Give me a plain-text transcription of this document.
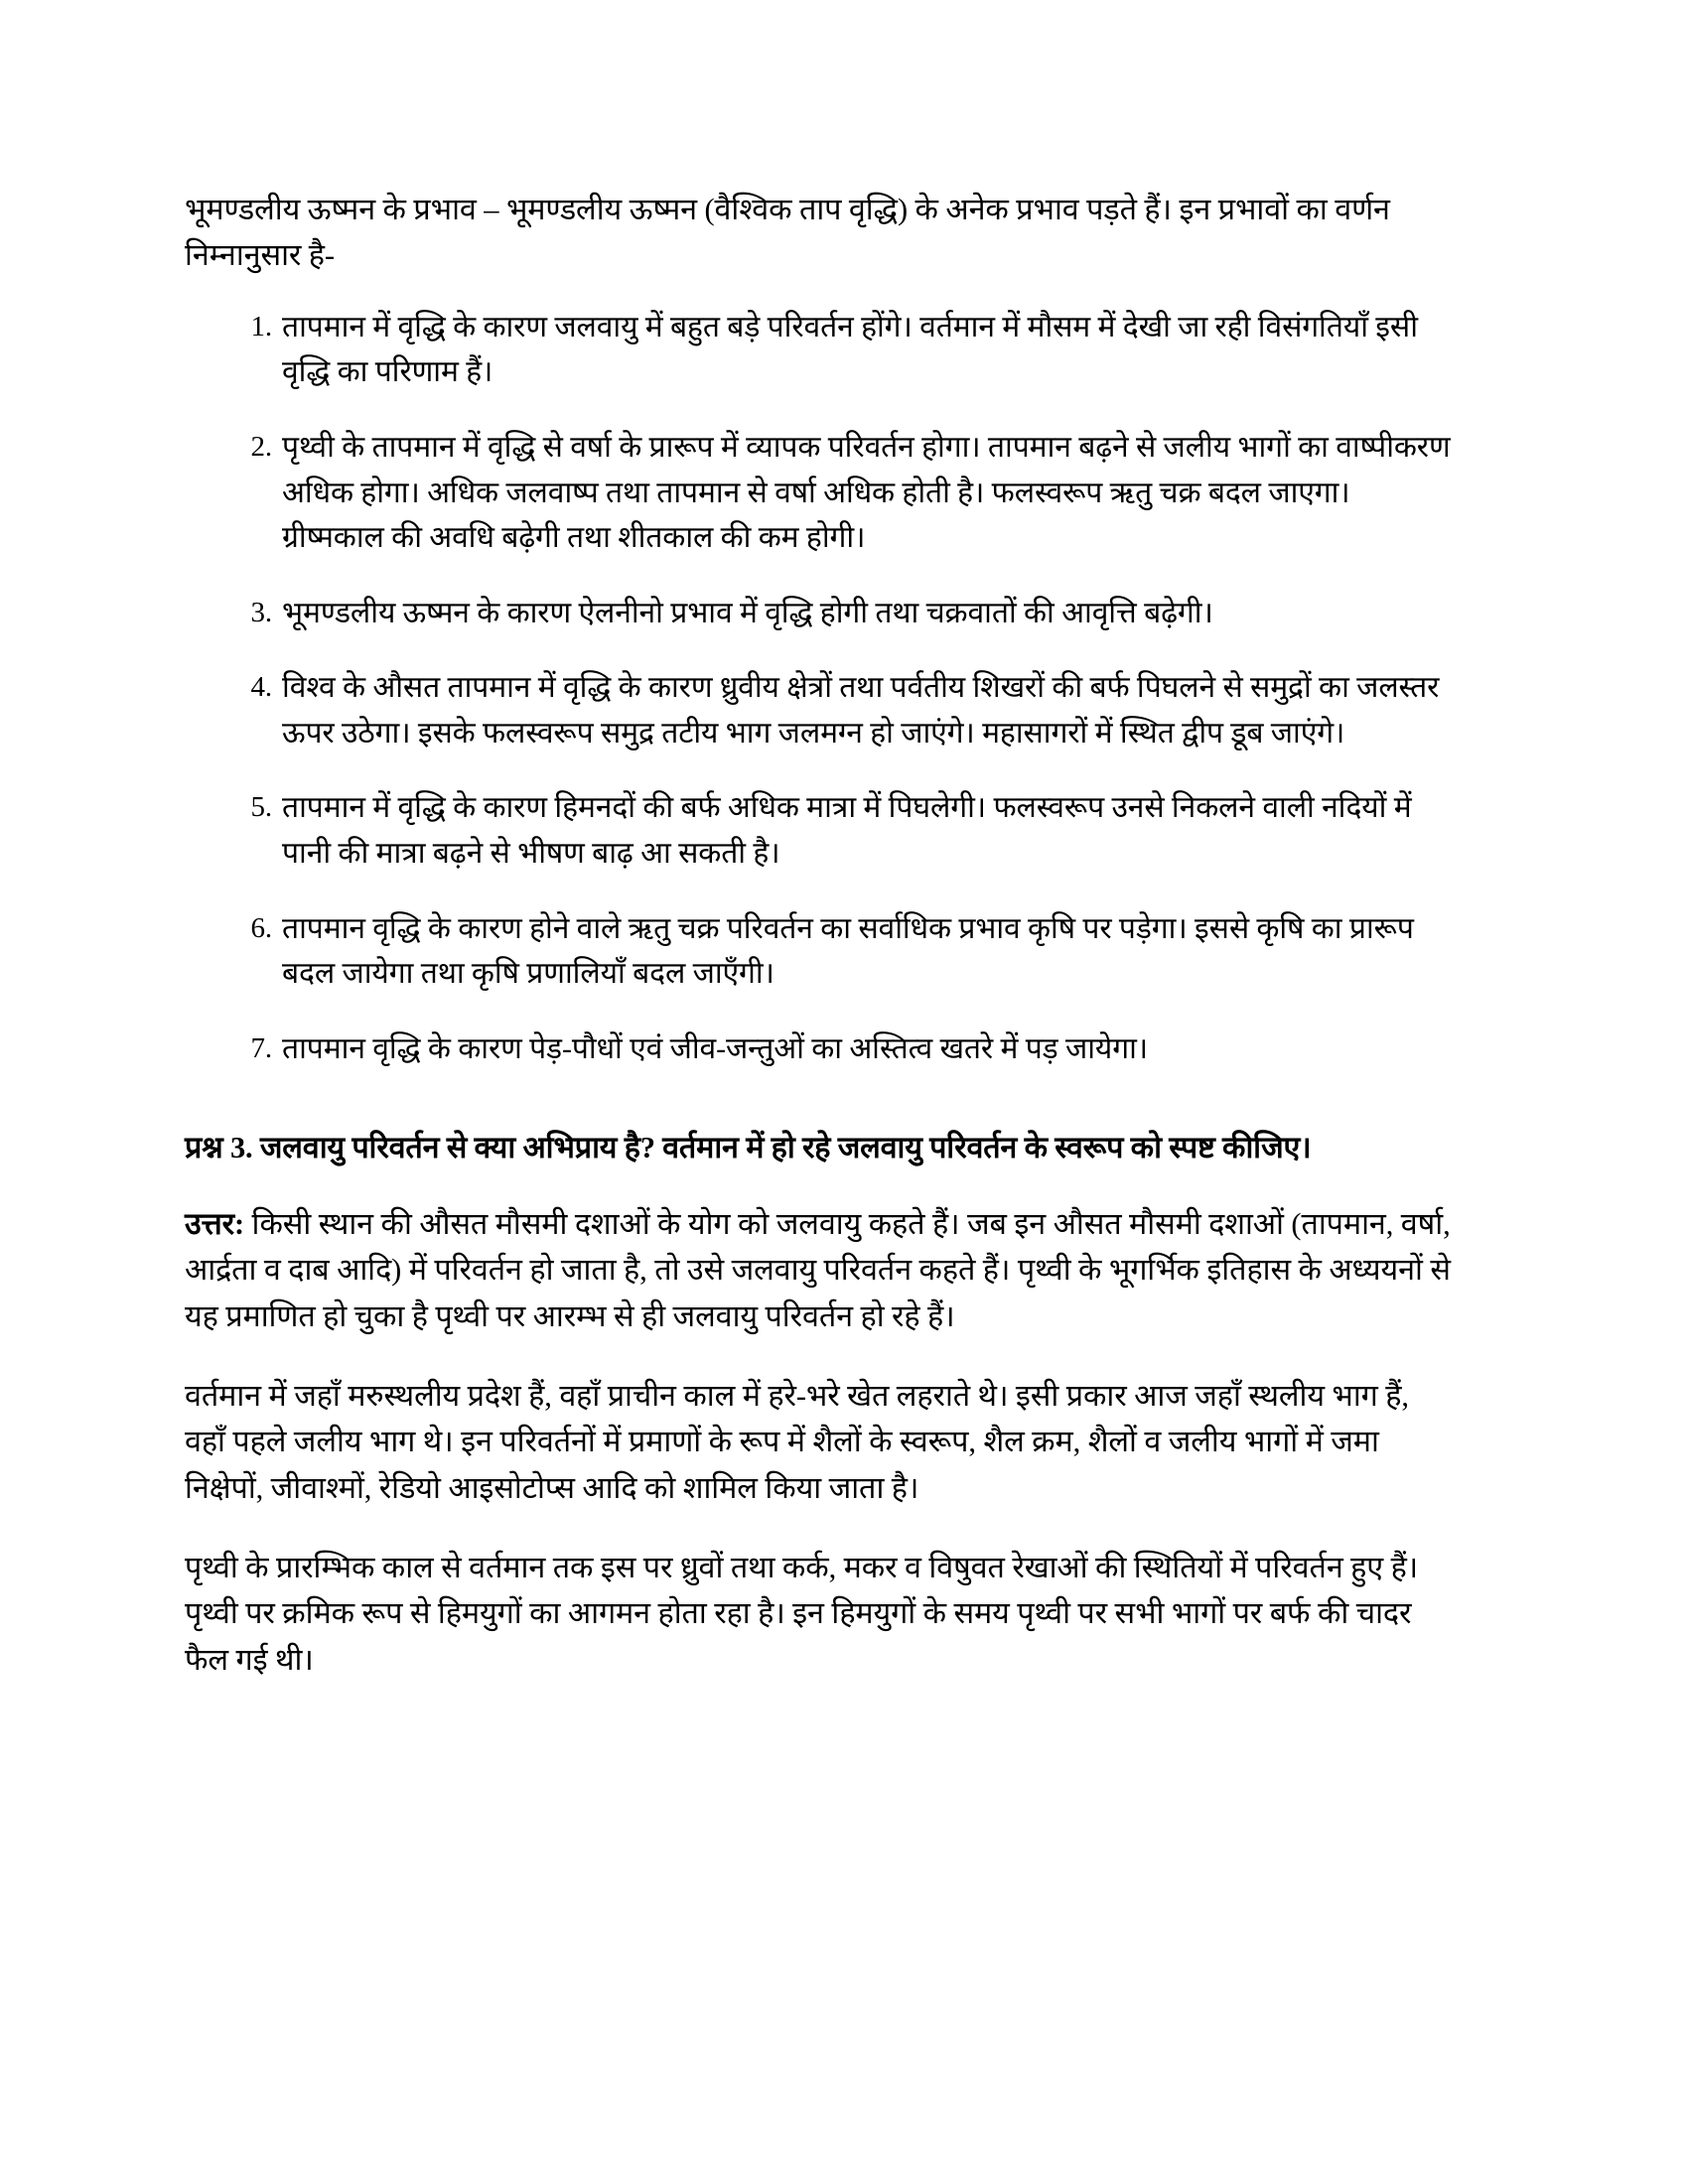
भूमण्डलीय ऊष्मन के प्रभाव – भूमण्डलीय ऊष्मन (वैश्विक ताप वृद्धि) के अनेक प्रभाव पड़ते हैं। इन प्रभावों का वर्णन निम्नानुसार है-

1. तापमान में वृद्धि के कारण जलवायु में बहुत बड़े परिवर्तन होंगे। वर्तमान में मौसम में देखी जा रही विसंगतियाँ इसी वृद्धि का परिणाम हैं।
2. पृथ्वी के तापमान में वृद्धि से वर्षा के प्रारूप में व्यापक परिवर्तन होगा। तापमान बढ़ने से जलीय भागों का वाष्पीकरण अधिक होगा। अधिक जलवाष्प तथा तापमान से वर्षा अधिक होती है। फलस्वरूप ऋतु चक्र बदल जाएगा। ग्रीष्मकाल की अवधि बढ़ेगी तथा शीतकाल की कम होगी।
3. भूमण्डलीय ऊष्मन के कारण ऐलनीनो प्रभाव में वृद्धि होगी तथा चक्रवातों की आवृत्ति बढ़ेगी।
4. विश्व के औसत तापमान में वृद्धि के कारण ध्रुवीय क्षेत्रों तथा पर्वतीय शिखरों की बर्फ पिघलने से समुद्रों का जलस्तर ऊपर उठेगा। इसके फलस्वरूप समुद्र तटीय भाग जलमग्न हो जाएंगे। महासागरों में स्थित द्वीप डूब जाएंगे।
5. तापमान में वृद्धि के कारण हिमनदों की बर्फ अधिक मात्रा में पिघलेगी। फलस्वरूप उनसे निकलने वाली नदियों में पानी की मात्रा बढ़ने से भीषण बाढ़ आ सकती है।
6. तापमान वृद्धि के कारण होने वाले ऋतु चक्र परिवर्तन का सर्वाधिक प्रभाव कृषि पर पड़ेगा। इससे कृषि का प्रारूप बदल जायेगा तथा कृषि प्रणालियाँ बदल जाएँगी।
7. तापमान वृद्धि के कारण पेड़-पौधों एवं जीव-जन्तुओं का अस्तित्व खतरे में पड़ जायेगा।
प्रश्न 3. जलवायु परिवर्तन से क्या अभिप्राय है? वर्तमान में हो रहे जलवायु परिवर्तन के स्वरूप को स्पष्ट कीजिए।

उत्तर: किसी स्थान की औसत मौसमी दशाओं के योग को जलवायु कहते हैं। जब इन औसत मौसमी दशाओं (तापमान, वर्षा, आर्द्रता व दाब आदि) में परिवर्तन हो जाता है, तो उसे जलवायु परिवर्तन कहते हैं। पृथ्वी के भूगर्भिक इतिहास के अध्ययनों से यह प्रमाणित हो चुका है पृथ्वी पर आरम्भ से ही जलवायु परिवर्तन हो रहे हैं।

वर्तमान में जहाँ मरुस्थलीय प्रदेश हैं, वहाँ प्राचीन काल में हरे-भरे खेत लहराते थे। इसी प्रकार आज जहाँ स्थलीय भाग हैं, वहाँ पहले जलीय भाग थे। इन परिवर्तनों में प्रमाणों के रूप में शैलों के स्वरूप, शैल क्रम, शैलों व जलीय भागों में जमा निक्षेपों, जीवाश्मों, रेडियो आइसोटोप्स आदि को शामिल किया जाता है।

पृथ्वी के प्रारम्भिक काल से वर्तमान तक इस पर ध्रुवों तथा कर्क, मकर व विषुवत रेखाओं की स्थितियों में परिवर्तन हुए हैं। पृथ्वी पर क्रमिक रूप से हिमयुगों का आगमन होता रहा है। इन हिमयुगों के समय पृथ्वी पर सभी भागों पर बर्फ की चादर फैल गई थी।
